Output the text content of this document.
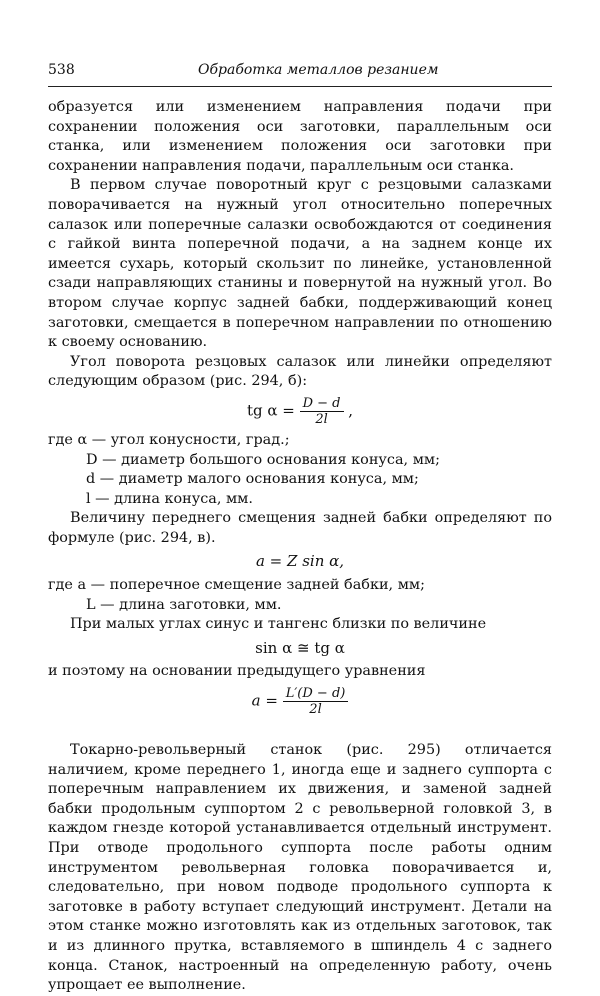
538	Обработка металлов резанием

образуется или изменением направления подачи при сохранении положения оси заготовки, параллельным оси станка, или изменением положения оси заготовки при сохранении направления подачи, параллельным оси станка.

В первом случае поворотный круг с резцовыми салазками поворачивается на нужный угол относительно поперечных салазок или поперечные салазки освобождаются от соединения с гайкой винта поперечной подачи, а на заднем конце их имеется сухарь, который скользит по линейке, установленной сзади направляющих станины и повернутой на нужный угол. Во втором случае корпус задней бабки, поддерживающий конец заготовки, смещается в поперечном направлении по отношению к своему основанию.

Угол поворота резцовых салазок или линейки определяют следующим образом (рис. 294, б):

tg $\alpha = \frac{D - d}{2l}$ ,

где α — угол конусности, град.;

D — диаметр большого основания конуса, мм;

d — диаметр малого основания конуса, мм;

l — длина конуса, мм.

Величину переднего смещения задней бабки определяют по формуле (рис. 294, в).

a = Z sin α,

где a — поперечное смещение задней бабки, мм;

L — длина заготовки, мм.

При малых углах синус и тангенс близки по величине

sin α ≅ tg α

и поэтому на основании предыдущего уравнения

$a = \frac{L'(D - d)}{2l}$

Токарно-револьверный станок (рис. 295) отличается наличием, кроме переднего 1, иногда еще и заднего суппорта с поперечным направлением их движения, и заменой задней бабки продольным суппортом 2 с револьверной головкой 3, в каждом гнезде которой устанавливается отдельный инструмент. При отводе продольного суппорта после работы одним инструментом револьверная головка поворачивается и, следовательно, при новом подводе продольного суппорта к заготовке в работу вступает следующий инструмент. Детали на этом станке можно изготовлять как из отдельных заготовок, так и из длинного прутка, вставляемого в шпиндель 4 с заднего конца. Станок, настроенный на определенную работу, очень упрощает ее выполнение.
